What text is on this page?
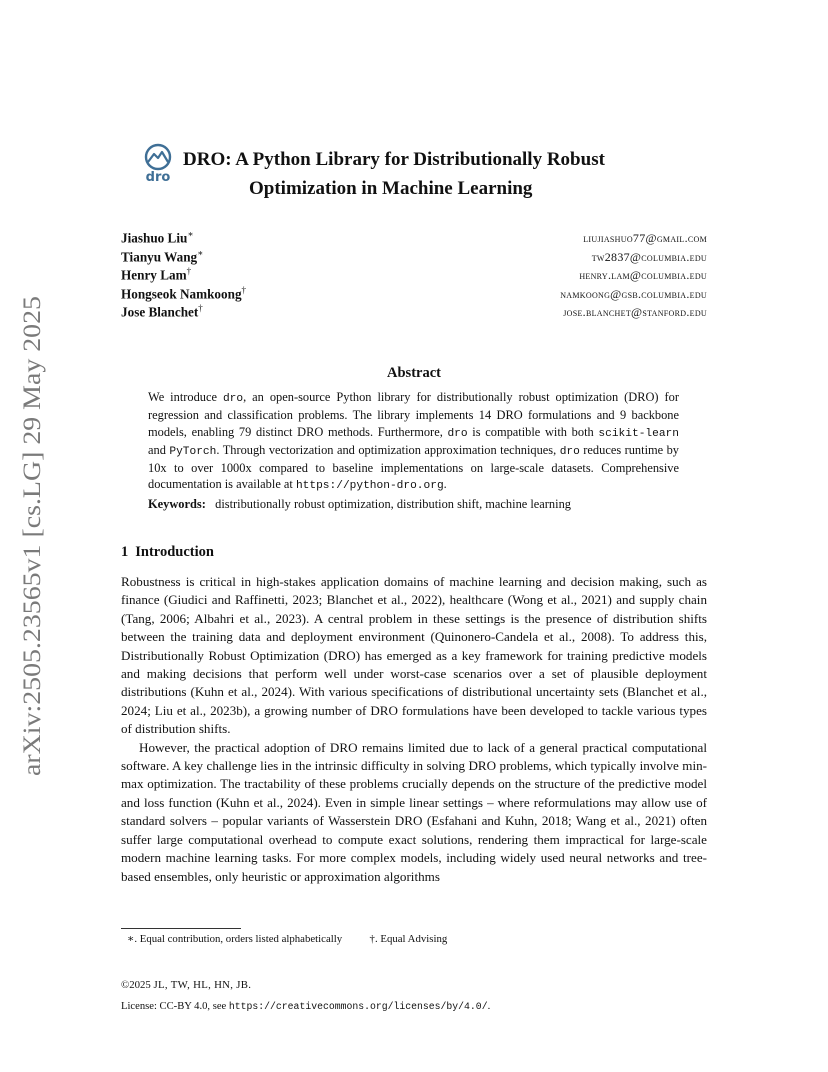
arXiv:2505.23565v1 [cs.LG] 29 May 2025
dro
DRO: A Python Library for Distributionally Robust
Optimization in Machine Learning
Jiashuo Liu∗	liujiashuo77@gmail.com
Tianyu Wang∗	tw2837@columbia.edu
Henry Lam†	henry.lam@columbia.edu
Hongseok Namkoong†	namkoong@gsb.columbia.edu
Jose Blanchet†	jose.blanchet@stanford.edu
Abstract
We introduce dro, an open-source Python library for distributionally robust optimization (DRO) for regression and classification problems. The library implements 14 DRO formulations and 9 backbone models, enabling 79 distinct DRO methods. Furthermore, dro is compatible with both scikit-learn and PyTorch. Through vectorization and optimization approximation techniques, dro reduces runtime by 10x to over 1000x compared to baseline implementations on large-scale datasets. Comprehensive documentation is available at https://python-dro.org.
Keywords: distributionally robust optimization, distribution shift, machine learning
1 Introduction

Robustness is critical in high-stakes application domains of machine learning and decision making, such as finance (Giudici and Raffinetti, 2023; Blanchet et al., 2022), healthcare (Wong et al., 2021) and supply chain (Tang, 2006; Albahri et al., 2023). A central problem in these settings is the presence of distribution shifts between the training data and deployment environment (Quinonero-Candela et al., 2008). To address this, Distributionally Robust Optimization (DRO) has emerged as a key framework for training predictive models and making decisions that perform well under worst-case scenarios over a set of plausible deployment distributions (Kuhn et al., 2024). With various specifications of distributional uncertainty sets (Blanchet et al., 2024; Liu et al., 2023b), a growing number of DRO formulations have been developed to tackle various types of distribution shifts.

However, the practical adoption of DRO remains limited due to lack of a general practical computational software. A key challenge lies in the intrinsic difficulty in solving DRO problems, which typically involve min-max optimization. The tractability of these problems crucially depends on the structure of the predictive model and loss function (Kuhn et al., 2024). Even in simple linear settings – where reformulations may allow use of standard solvers – popular variants of Wasserstein DRO (Esfahani and Kuhn, 2018; Wang et al., 2021) often suffer large computational overhead to compute exact solutions, rendering them impractical for large-scale modern machine learning tasks. For more complex models, including widely used neural networks and tree-based ensembles, only heuristic or approximation algorithms

∗. Equal contribution, orders listed alphabetically	†. Equal Advising
©2025 JL, TW, HL, HN, JB.
License: CC-BY 4.0, see https://creativecommons.org/licenses/by/4.0/.
